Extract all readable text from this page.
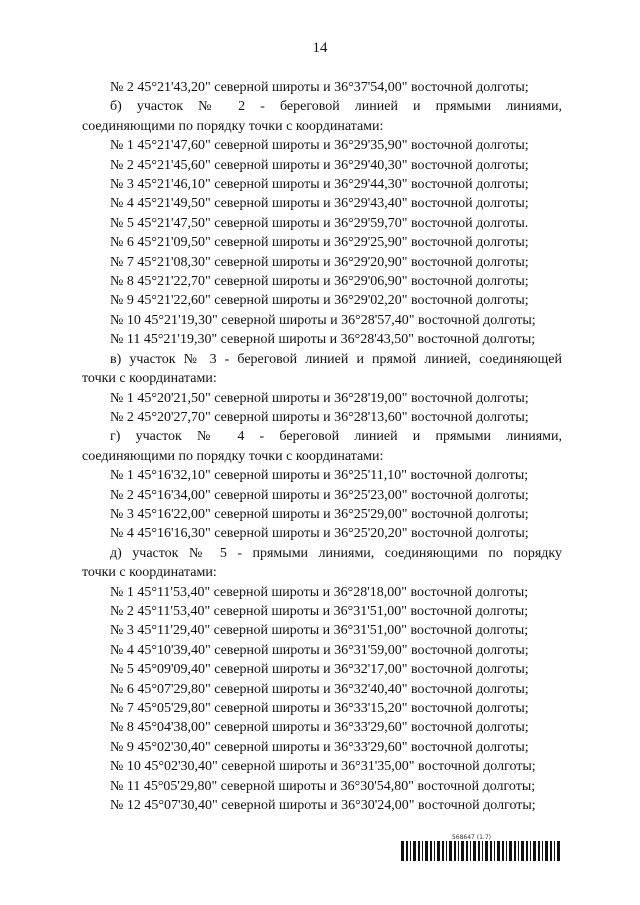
14
№ 2 45°21'43,20" северной широты и 36°37'54,00" восточной долготы;
б) участок № 2 - береговой линией и прямыми линиями,
соединяющими по порядку точки с координатами:
№ 1 45°21'47,60" северной широты и 36°29'35,90" восточной долготы;
№ 2 45°21'45,60" северной широты и 36°29'40,30" восточной долготы;
№ 3 45°21'46,10" северной широты и 36°29'44,30" восточной долготы;
№ 4 45°21'49,50" северной широты и 36°29'43,40" восточной долготы;
№ 5 45°21'47,50" северной широты и 36°29'59,70" восточной долготы.
№ 6 45°21'09,50" северной широты и 36°29'25,90" восточной долготы;
№ 7 45°21'08,30" северной широты и 36°29'20,90" восточной долготы;
№ 8 45°21'22,70" северной широты и 36°29'06,90" восточной долготы;
№ 9 45°21'22,60" северной широты и 36°29'02,20" восточной долготы;
№ 10 45°21'19,30" северной широты и 36°28'57,40" восточной долготы;
№ 11 45°21'19,30" северной широты и 36°28'43,50" восточной долготы;
в) участок № 3 - береговой линией и прямой линией, соединяющей
точки с координатами:
№ 1 45°20'21,50" северной широты и 36°28'19,00" восточной долготы;
№ 2 45°20'27,70" северной широты и 36°28'13,60" восточной долготы;
г) участок № 4 - береговой линией и прямыми линиями,
соединяющими по порядку точки с координатами:
№ 1 45°16'32,10" северной широты и 36°25'11,10" восточной долготы;
№ 2 45°16'34,00" северной широты и 36°25'23,00" восточной долготы;
№ 3 45°16'22,00" северной широты и 36°25'29,00" восточной долготы;
№ 4 45°16'16,30" северной широты и 36°25'20,20" восточной долготы;
д) участок № 5 - прямыми линиями, соединяющими по порядку
точки с координатами:
№ 1 45°11'53,40" северной широты и 36°28'18,00" восточной долготы;
№ 2 45°11'53,40" северной широты и 36°31'51,00" восточной долготы;
№ 3 45°11'29,40" северной широты и 36°31'51,00" восточной долготы;
№ 4 45°10'39,40" северной широты и 36°31'59,00" восточной долготы;
№ 5 45°09'09,40" северной широты и 36°32'17,00" восточной долготы;
№ 6 45°07'29,80" северной широты и 36°32'40,40" восточной долготы;
№ 7 45°05'29,80" северной широты и 36°33'15,20" восточной долготы;
№ 8 45°04'38,00" северной широты и 36°33'29,60" восточной долготы;
№ 9 45°02'30,40" северной широты и 36°33'29,60" восточной долготы;
№ 10 45°02'30,40" северной широты и 36°31'35,00" восточной долготы;
№ 11 45°05'29,80" северной широты и 36°30'54,80" восточной долготы;
№ 12 45°07'30,40" северной широты и 36°30'24,00" восточной долготы;
568647 (1.7)
